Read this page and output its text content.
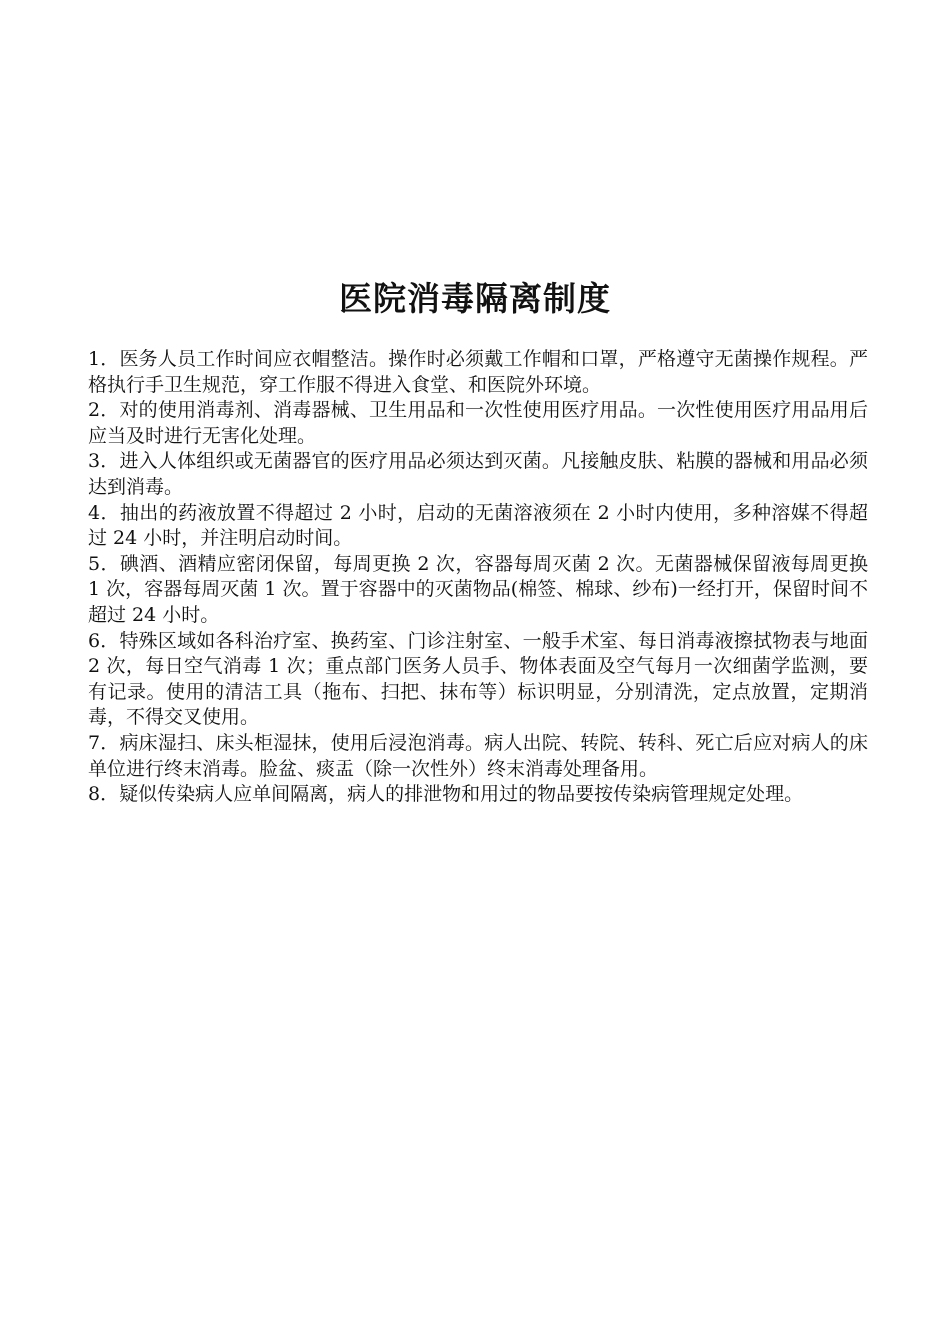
医院消毒隔离制度

1．医务人员工作时间应衣帽整洁。操作时必须戴工作帽和口罩，严格遵守无菌操作规程。严格执行手卫生规范，穿工作服不得进入食堂、和医院外环境。

2．对的使用消毒剂、消毒器械、卫生用品和一次性使用医疗用品。一次性使用医疗用品用后应当及时进行无害化处理。

3．进入人体组织或无菌器官的医疗用品必须达到灭菌。凡接触皮肤、粘膜的器械和用品必须达到消毒。

4．抽出的药液放置不得超过 2 小时，启动的无菌溶液须在 2 小时内使用，多种溶媒不得超过 24 小时，并注明启动时间。

5．碘酒、酒精应密闭保留，每周更换 2 次，容器每周灭菌 2 次。无菌器械保留液每周更换 1 次，容器每周灭菌 1 次。置于容器中的灭菌物品(棉签、棉球、纱布)一经打开，保留时间不超过 24 小时。

6．特殊区域如各科治疗室、换药室、门诊注射室、一般手术室、每日消毒液擦拭物表与地面 2 次，每日空气消毒 1 次；重点部门医务人员手、物体表面及空气每月一次细菌学监测，要有记录。使用的清洁工具（拖布、扫把、抹布等）标识明显，分别清洗，定点放置，定期消毒，不得交叉使用。

7．病床湿扫、床头柜湿抹，使用后浸泡消毒。病人出院、转院、转科、死亡后应对病人的床单位进行终末消毒。脸盆、痰盂（除一次性外）终末消毒处理备用。

8．疑似传染病人应单间隔离，病人的排泄物和用过的物品要按传染病管理规定处理。
